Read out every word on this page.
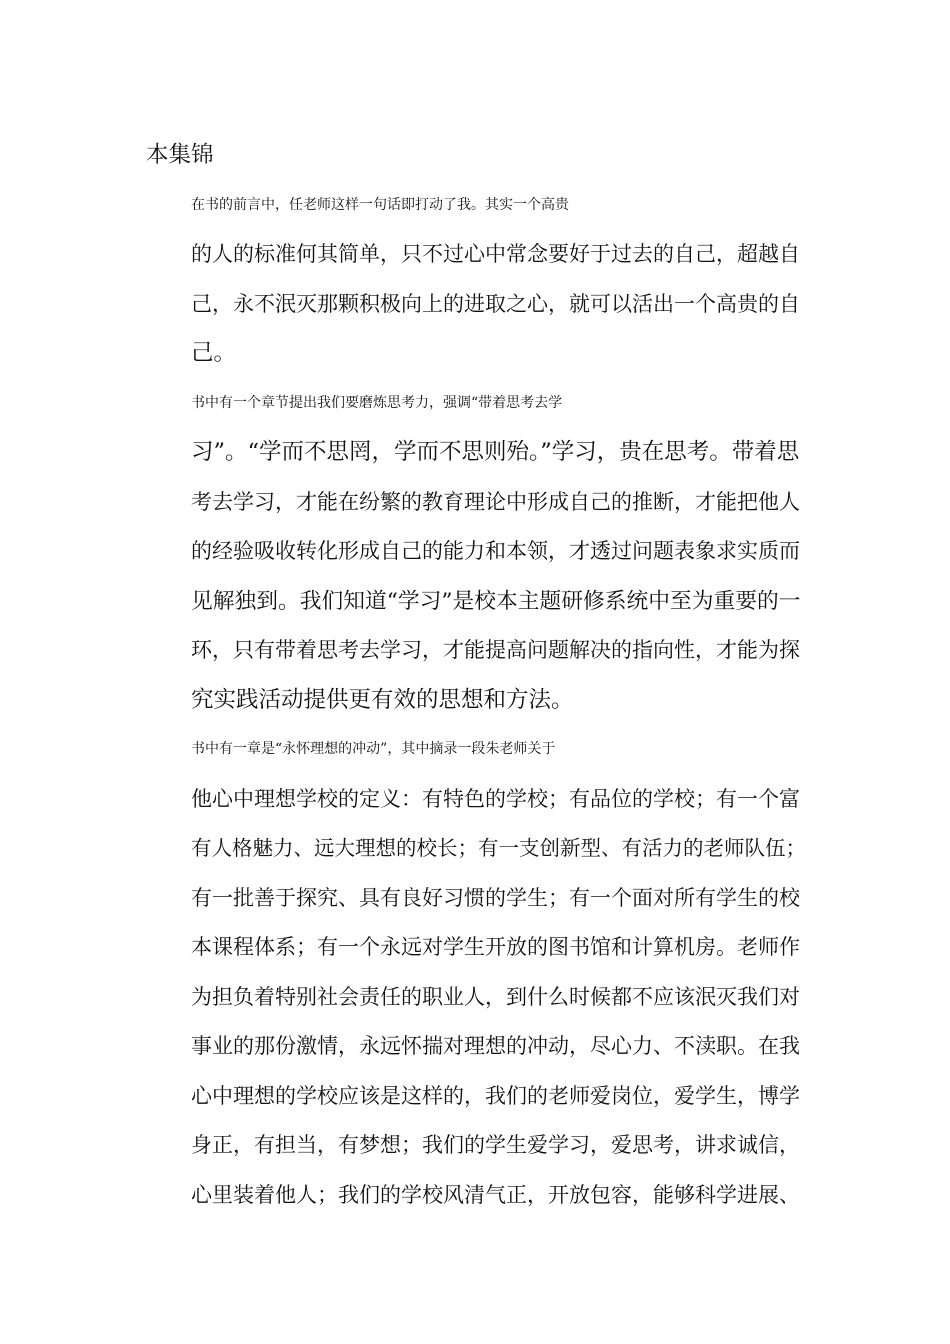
本集锦

在书的前言中，任老师这样一句话即打动了我。其实一个高贵
的人的标准何其简单，只不过心中常念要好于过去的自己，超越自
己，永不泯灭那颗积极向上的进取之心，就可以活出一个高贵的自
己。

书中有一个章节提出我们要磨炼思考力，强调“带着思考去学
习”。“学而不思罔，学而不思则殆。”学习，贵在思考。带着思
考去学习，才能在纷繁的教育理论中形成自己的推断，才能把他人
的经验吸收转化形成自己的能力和本领，才透过问题表象求实质而
见解独到。我们知道“学习”是校本主题研修系统中至为重要的一
环，只有带着思考去学习，才能提高问题解决的指向性，才能为探
究实践活动提供更有效的思想和方法。

书中有一章是“永怀理想的冲动”，其中摘录一段朱老师关于
他心中理想学校的定义：有特色的学校；有品位的学校；有一个富
有人格魅力、远大理想的校长；有一支创新型、有活力的老师队伍；
有一批善于探究、具有良好习惯的学生；有一个面对所有学生的校
本课程体系；有一个永远对学生开放的图书馆和计算机房。老师作
为担负着特别社会责任的职业人，到什么时候都不应该泯灭我们对
事业的那份激情，永远怀揣对理想的冲动，尽心力、不渎职。在我
心中理想的学校应该是这样的，我们的老师爱岗位，爱学生，博学
身正，有担当，有梦想；我们的学生爱学习，爱思考，讲求诚信，
心里装着他人；我们的学校风清气正，开放包容，能够科学进展、
